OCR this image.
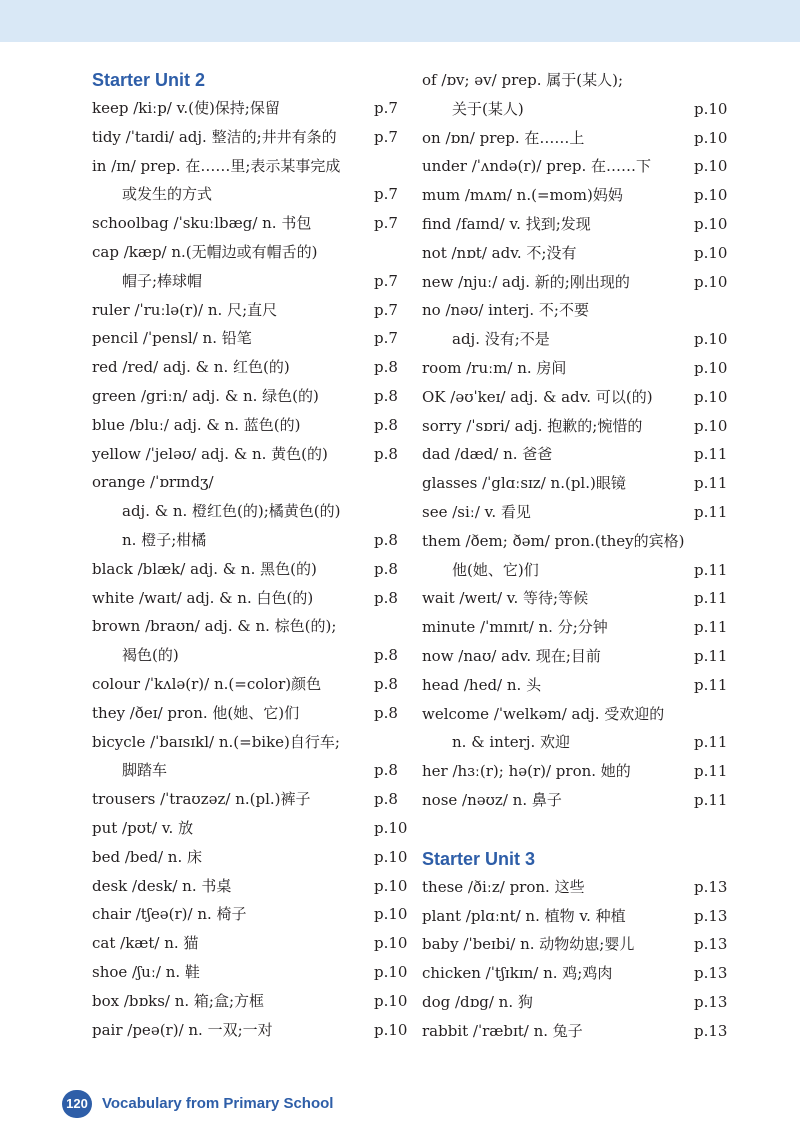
Starter Unit 2
keep /kiːp/ v.(使)保持;保留	p.7
tidy /ˈtaɪdi/ adj. 整洁的;井井有条的 p.7
in /ɪn/ prep. 在……里;表示某事完成
或发生的方式	p.7
schoolbag /ˈskuːlbæg/ n. 书包	p.7
cap /kæp/ n.(无帽边或有帽舌的)
帽子;棒球帽	p.7
ruler /ˈruːlə(r)/ n. 尺;直尺	p.7
pencil /ˈpensl/ n. 铅笔	p.7
red /red/ adj. & n. 红色(的)	p.8
green /griːn/ adj. & n. 绿色(的)	p.8
blue /bluː/ adj. & n. 蓝色(的)	p.8
yellow /ˈjeləʊ/ adj. & n. 黄色(的)	p.8
orange /ˈɒrɪndʒ/
adj. & n. 橙红色(的);橘黄色(的)
n. 橙子;柑橘	p.8
black /blæk/ adj. & n. 黑色(的)	p.8
white /waɪt/ adj. & n. 白色(的)	p.8
brown /braʊn/ adj. & n. 棕色(的);
褐色(的)	p.8
colour /ˈkʌlə(r)/ n.(=color)颜色	p.8
they /ðeɪ/ pron. 他(她、它)们	p.8
bicycle /ˈbaɪsɪkl/ n.(=bike)自行车;
脚踏车	p.8
trousers /ˈtraʊzəz/ n.(pl.)裤子	p.8
put /pʊt/ v. 放	p.10
bed /bed/ n. 床	p.10
desk /desk/ n. 书桌	p.10
chair /tʃeə(r)/ n. 椅子	p.10
cat /kæt/ n. 猫	p.10
shoe /ʃuː/ n. 鞋	p.10
box /bɒks/ n. 箱;盒;方框	p.10
pair /peə(r)/ n. 一双;一对	p.10
of /ɒv; əv/ prep. 属于(某人);
关于(某人)	p.10
on /ɒn/ prep. 在……上	p.10
under /ˈʌndə(r)/ prep. 在……下	p.10
mum /mʌm/ n.(=mom)妈妈	p.10
find /faɪnd/ v. 找到;发现	p.10
not /nɒt/ adv. 不;没有	p.10
new /njuː/ adj. 新的;刚出现的	p.10
no /nəʊ/ interj. 不;不要
adj. 没有;不是	p.10
room /ruːm/ n. 房间	p.10
OK /əʊˈkeɪ/ adj. & adv. 可以(的)	p.10
sorry /ˈsɒri/ adj. 抱歉的;惋惜的	p.10
dad /dæd/ n. 爸爸	p.11
glasses /ˈglɑːsɪz/ n.(pl.)眼镜	p.11
see /siː/ v. 看见	p.11
them /ðem; ðəm/ pron.(they的宾格)
他(她、它)们	p.11
wait /weɪt/ v. 等待;等候	p.11
minute /ˈmɪnɪt/ n. 分;分钟	p.11
now /naʊ/ adv. 现在;目前	p.11
head /hed/ n. 头	p.11
welcome /ˈwelkəm/ adj. 受欢迎的
n. & interj. 欢迎	p.11
her /hɜː(r); hə(r)/ pron. 她的	p.11
nose /nəʊz/ n. 鼻子	p.11
Starter Unit 3
these /ðiːz/ pron. 这些	p.13
plant /plɑːnt/ n. 植物 v. 种植	p.13
baby /ˈbeɪbi/ n. 动物幼崽;婴儿	p.13
chicken /ˈtʃɪkɪn/ n. 鸡;鸡肉	p.13
dog /dɒg/ n. 狗	p.13
rabbit /ˈræbɪt/ n. 兔子	p.13
120 Vocabulary from Primary School
